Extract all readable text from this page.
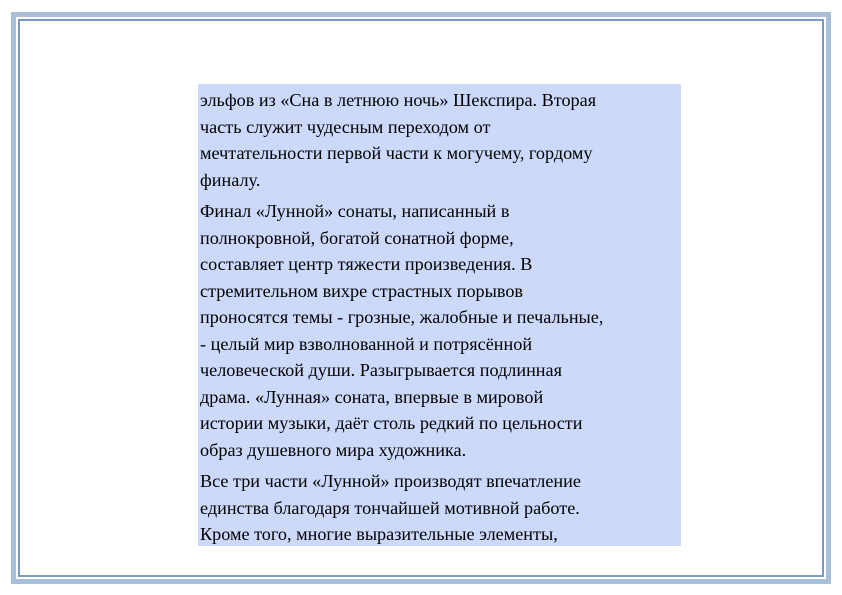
эльфов из «Сна в летнюю ночь» Шекспира. Вторая
часть служит чудесным переходом от
мечтательности первой части к могучему, гордому
финалу.

Финал «Лунной» сонаты, написанный в
полнокровной, богатой сонатной форме,
составляет центр тяжести произведения. В
стремительном вихре страстных порывов
проносятся темы - грозные, жалобные и печальные,
- целый мир взволнованной и потрясённой
человеческой души. Разыгрывается подлинная
драма. «Лунная» соната, впервые в мировой
истории музыки, даёт столь редкий по цельности
образ душевного мира художника.

Все три части «Лунной» производят впечатление
единства благодаря тончайшей мотивной работе.
Кроме того, многие выразительные элементы,
